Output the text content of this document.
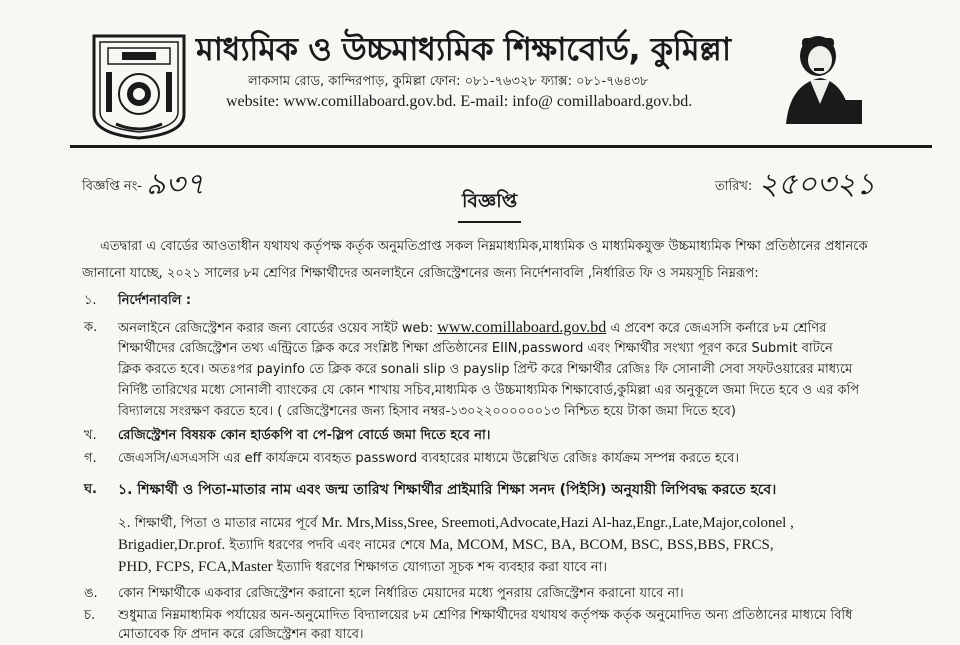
মাধ্যমিক ও উচ্চমাধ্যমিক শিক্ষাবোর্ড, কুমিল্লা
লাকসাম রোড, কান্দিরপাড়, কুমিল্লা ফোন: ০৮১-৭৬৩২৮ ফ্যাক্স: ০৮১-৭৬৪৩৮
website: www.comillaboard.gov.bd. E-mail: info@ comillaboard.gov.bd.
বিজ্ঞপ্তি নং- ৯৩৭	তারিখ: ২৫০৩২১
বিজ্ঞপ্তি
এতদ্বারা এ বোর্ডের আওতাধীন যথাযথ কর্তৃপক্ষ কর্তৃক অনুমতিপ্রাপ্ত সকল নিম্নমাধ্যমিক,মাধ্যমিক ও মাধ্যমিকযুক্ত উচ্চমাধ্যমিক শিক্ষা প্রতিষ্ঠানের প্রধানকে
জানানো যাচ্ছে, ২০২১ সালের ৮ম শ্রেণির শিক্ষার্থীদের অনলাইনে রেজিস্ট্রেশনের জন্য নির্দেশনাবলি ,নির্ধারিত ফি ও সময়সূচি নিম্নরূপ:
১. নির্দেশনাবলি :
ক. অনলাইনে রেজিস্ট্রেশন করার জন্য বোর্ডের ওয়েব সাইট web: www.comillaboard.gov.bd এ প্রবেশ করে জেএসসি কর্নারে ৮ম শ্রেণির
শিক্ষার্থীদের রেজিস্ট্রেশন তথ্য এন্ট্রিতে ক্লিক করে সংশ্লিষ্ট শিক্ষা প্রতিষ্ঠানের EIIN,password এবং শিক্ষার্থীর সংখ্যা পূরণ করে Submit বাটনে
ক্লিক করতে হবে। অতঃপর payinfo তে ক্লিক করে sonali slip ও payslip প্রিন্ট করে শিক্ষার্থীর রেজিঃ ফি সোনালী সেবা সফটওয়ারের মাধ্যমে
নির্দিষ্ট তারিখের মধ্যে সোনালী ব্যাংকের যে কোন শাখায় সচিব,মাধ্যমিক ও উচ্চমাধ্যমিক শিক্ষাবোর্ড,কুমিল্লা এর অনুকূলে জমা দিতে হবে ও এর কপি
বিদ্যালয়ে সংরক্ষণ করতে হবে। ( রেজিস্ট্রেশনের জন্য হিসাব নম্বর-১৩০২২০০০০০০১৩ নিশ্চিত হয়ে টাকা জমা দিতে হবে)
খ. রেজিস্ট্রেশন বিষয়ক কোন হার্ডকপি বা পে-স্লিপ বোর্ডে জমা দিতে হবে না।
গ. জেএসসি/এসএসসি এর eff কার্যক্রমে ব্যবহৃত password ব্যবহারের মাধ্যমে উল্লেখিত রেজিঃ কার্যক্রম সম্পন্ন করতে হবে।
ঘ. ১. শিক্ষার্থী ও পিতা-মাতার নাম এবং জন্ম তারিখ শিক্ষার্থীর প্রাইমারি শিক্ষা সনদ (পিইসি) অনুযায়ী লিপিবদ্ধ করতে হবে।
২. শিক্ষার্থী, পিতা ও মাতার নামের পূর্বে Mr. Mrs,Miss,Sree, Sreemoti,Advocate,Hazi Al-haz,Engr.,Late,Major,colonel ,
Brigadier,Dr.prof. ইত্যাদি ধরণের পদবি এবং নামের শেষে Ma, MCOM, MSC, BA, BCOM, BSC, BSS,BBS, FRCS,
PHD, FCPS, FCA,Master ইত্যাদি ধরণের শিক্ষাগত যোগ্যতা সূচক শব্দ ব্যবহার করা যাবে না।
ঙ. কোন শিক্ষার্থীকে একবার রেজিস্ট্রেশন করানো হলে নির্ধারিত মেয়াদের মধ্যে পুনরায় রেজিস্ট্রেশন করানো যাবে না।
চ. শুধুমাত্র নিম্নমাধ্যমিক পর্যায়ের অন-অনুমোদিত বিদ্যালয়ের ৮ম শ্রেণির শিক্ষার্থীদের যথাযথ কর্তৃপক্ষ কর্তৃক অনুমোদিত অন্য প্রতিষ্ঠানের মাধ্যমে বিধি
মোতাবেক ফি প্রদান করে রেজিস্ট্রেশন করা যাবে।
